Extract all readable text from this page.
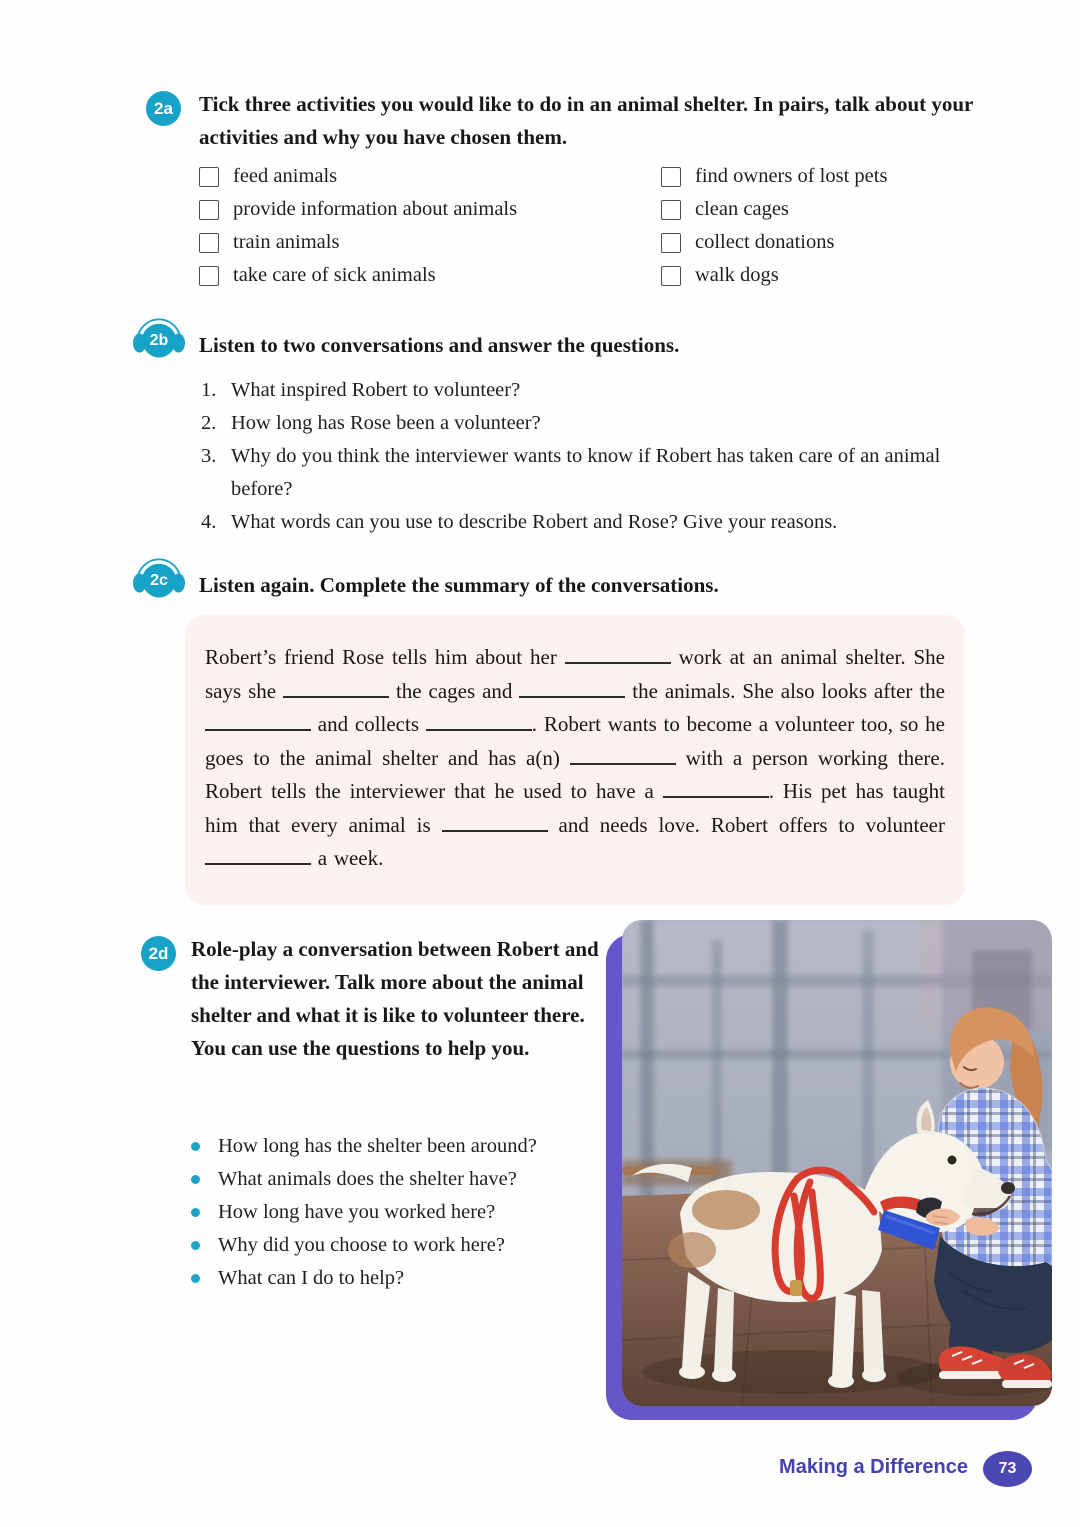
2a	Tick three activities you would like to do in an animal shelter. In pairs, talk about your activities and why you have chosen them.
feed animals
provide information about animals
train animals
take care of sick animals
find owners of lost pets
clean cages
collect donations
walk dogs
2b	Listen to two conversations and answer the questions.
1. What inspired Robert to volunteer?
2. How long has Rose been a volunteer?
3. Why do you think the interviewer wants to know if Robert has taken care of an animal before?
4. What words can you use to describe Robert and Rose? Give your reasons.
2c	Listen again. Complete the summary of the conversations.
Robert’s friend Rose tells him about her	work at an animal shelter. She says she	the cages and	the animals. She also looks after the  and collects	. Robert wants to become a volunteer too, so he goes to the animal shelter and has a(n)	with a person working there. Robert tells the interviewer that he used to have a	. His pet has taught him that every animal is	and needs love. Robert offers to volunteer  a week.
2d	Role-play a conversation between Robert and the interviewer. Talk more about the animal shelter and what it is like to volunteer there. You can use the questions to help you.
How long has the shelter been around?
What animals does the shelter have?
How long have you worked here?
Why did you choose to work here?
What can I do to help?
Making a Difference	73
